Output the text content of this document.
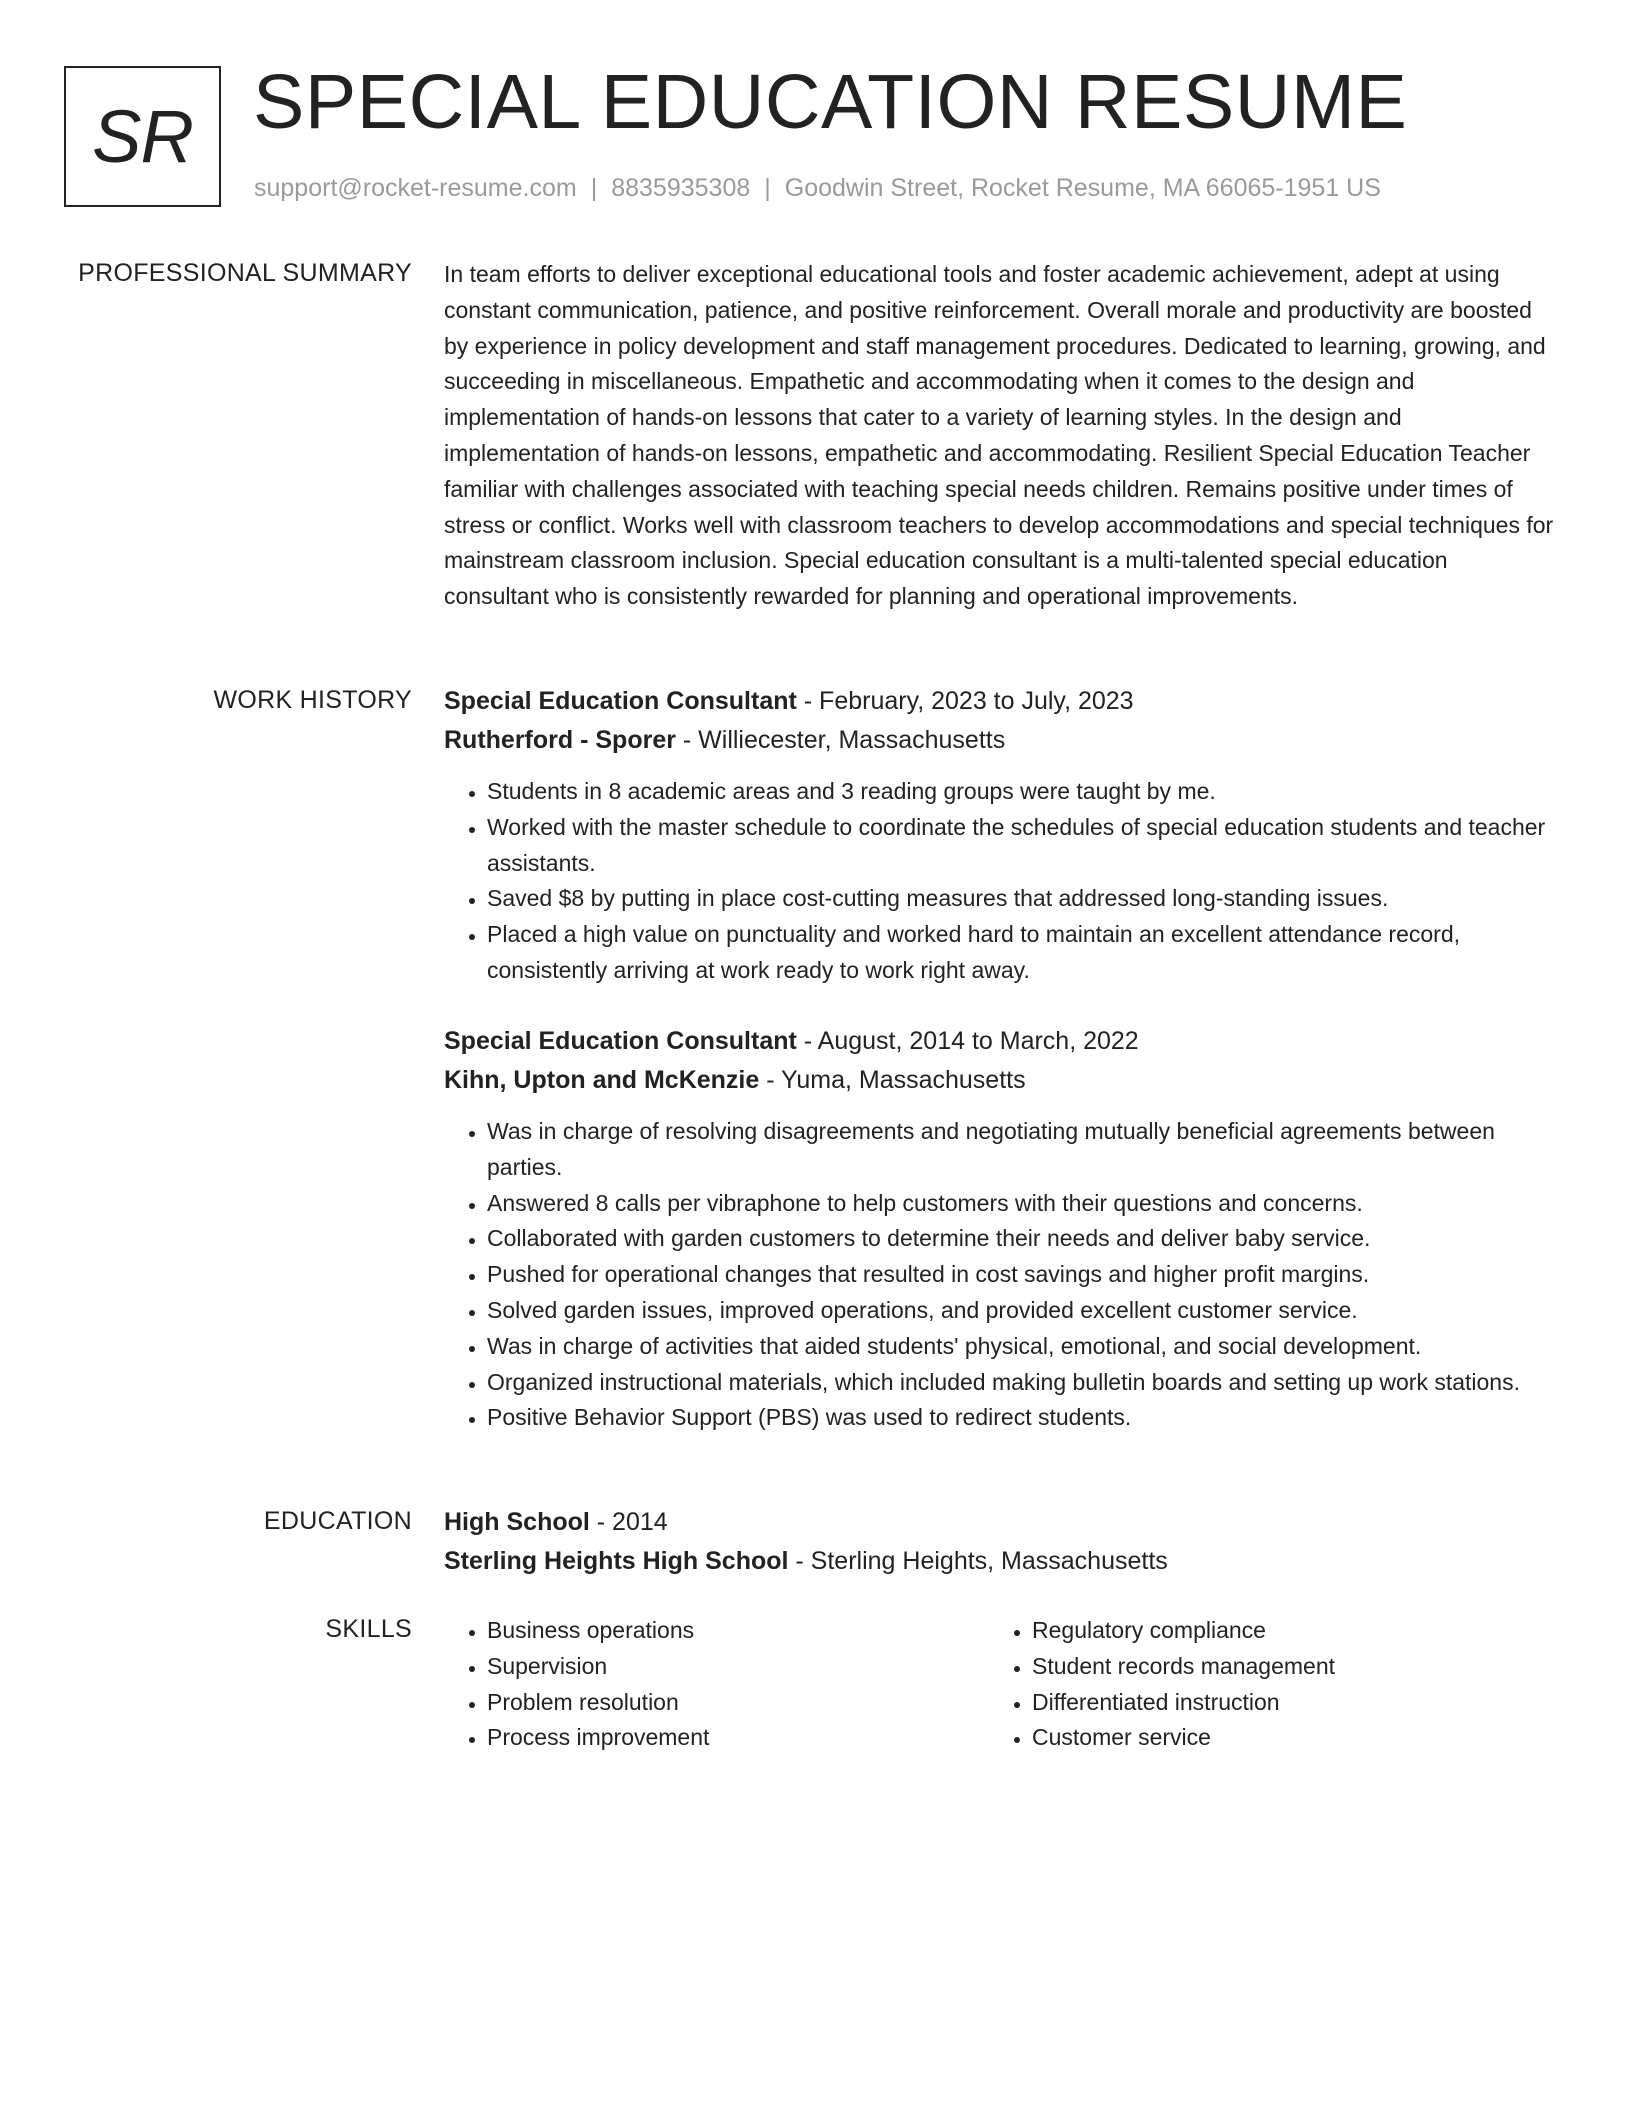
SR SPECIAL EDUCATION RESUME
support@rocket-resume.com | 8835935308 | Goodwin Street, Rocket Resume, MA 66065-1951 US
PROFESSIONAL SUMMARY In team efforts to deliver exceptional educational tools and foster academic achievement, adept at using constant communication, patience, and positive reinforcement. Overall morale and productivity are boosted by experience in policy development and staff management procedures. Dedicated to learning, growing, and succeeding in miscellaneous. Empathetic and accommodating when it comes to the design and implementation of hands-on lessons that cater to a variety of learning styles. In the design and implementation of hands-on lessons, empathetic and accommodating. Resilient Special Education Teacher familiar with challenges associated with teaching special needs children. Remains positive under times of stress or conflict. Works well with classroom teachers to develop accommodations and special techniques for mainstream classroom inclusion. Special education consultant is a multi-talented special education consultant who is consistently rewarded for planning and operational improvements.

WORK HISTORY Special Education Consultant - February, 2023 to July, 2023
Rutherford - Sporer - Williecester, Massachusetts
• Students in 8 academic areas and 3 reading groups were taught by me.
• Worked with the master schedule to coordinate the schedules of special education students and teacher assistants.
• Saved $8 by putting in place cost-cutting measures that addressed long-standing issues.
• Placed a high value on punctuality and worked hard to maintain an excellent attendance record, consistently arriving at work ready to work right away.
Special Education Consultant - August, 2014 to March, 2022
Kihn, Upton and McKenzie - Yuma, Massachusetts
• Was in charge of resolving disagreements and negotiating mutually beneficial agreements between parties.
• Answered 8 calls per vibraphone to help customers with their questions and concerns.
• Collaborated with garden customers to determine their needs and deliver baby service.
• Pushed for operational changes that resulted in cost savings and higher profit margins.
• Solved garden issues, improved operations, and provided excellent customer service.
• Was in charge of activities that aided students' physical, emotional, and social development.
• Organized instructional materials, which included making bulletin boards and setting up work stations.
• Positive Behavior Support (PBS) was used to redirect students.
EDUCATION High School - 2014
Sterling Heights High School - Sterling Heights, Massachusetts
SKILLS
•	Business operations
• Supervision
• Problem resolution
• Process improvement
• Regulatory compliance
• Student records management
• Differentiated instruction
• Customer service
